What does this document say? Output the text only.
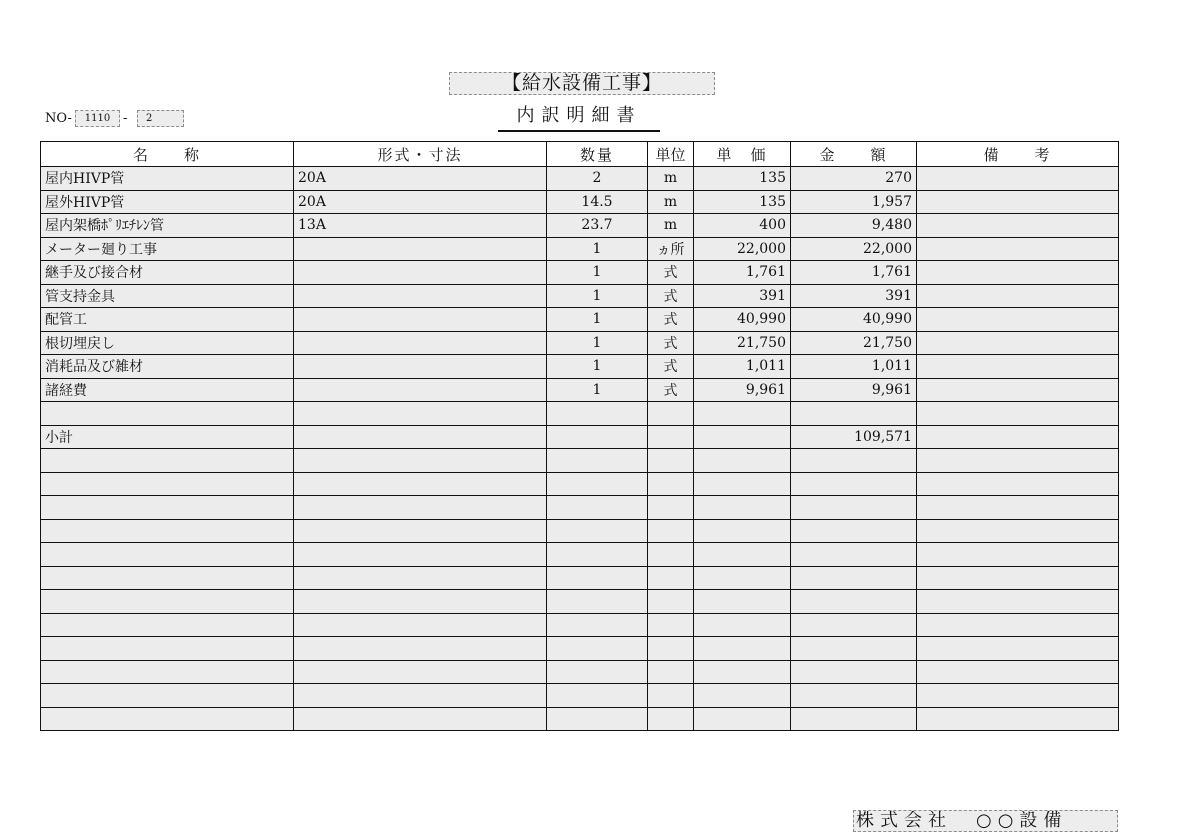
【給水設備工事】
内訳明細書
NO-	1110 -	2
名　　称	形式・寸法	数量	単位	単　価	金　　額	備　　考
屋内HIVP管	20A	2	m	135	270	
屋外HIVP管	20A	14.5	m	135	1,957	
屋内架橋ﾎﾟﾘｴﾁﾚﾝ管	13A	23.7	m	400	9,480	
メーター廻り工事		1	ヵ所	22,000	22,000	
継手及び接合材		1	式	1,761	1,761	
管支持金具		1	式	391	391	
配管工		1	式	40,990	40,990	
根切埋戻し		1	式	21,750	21,750	
消耗品及び雑材		1	式	1,011	1,011	
諸経費		1	式	9,961	9,961	

小計					109,571	

株式会社　○○設備
